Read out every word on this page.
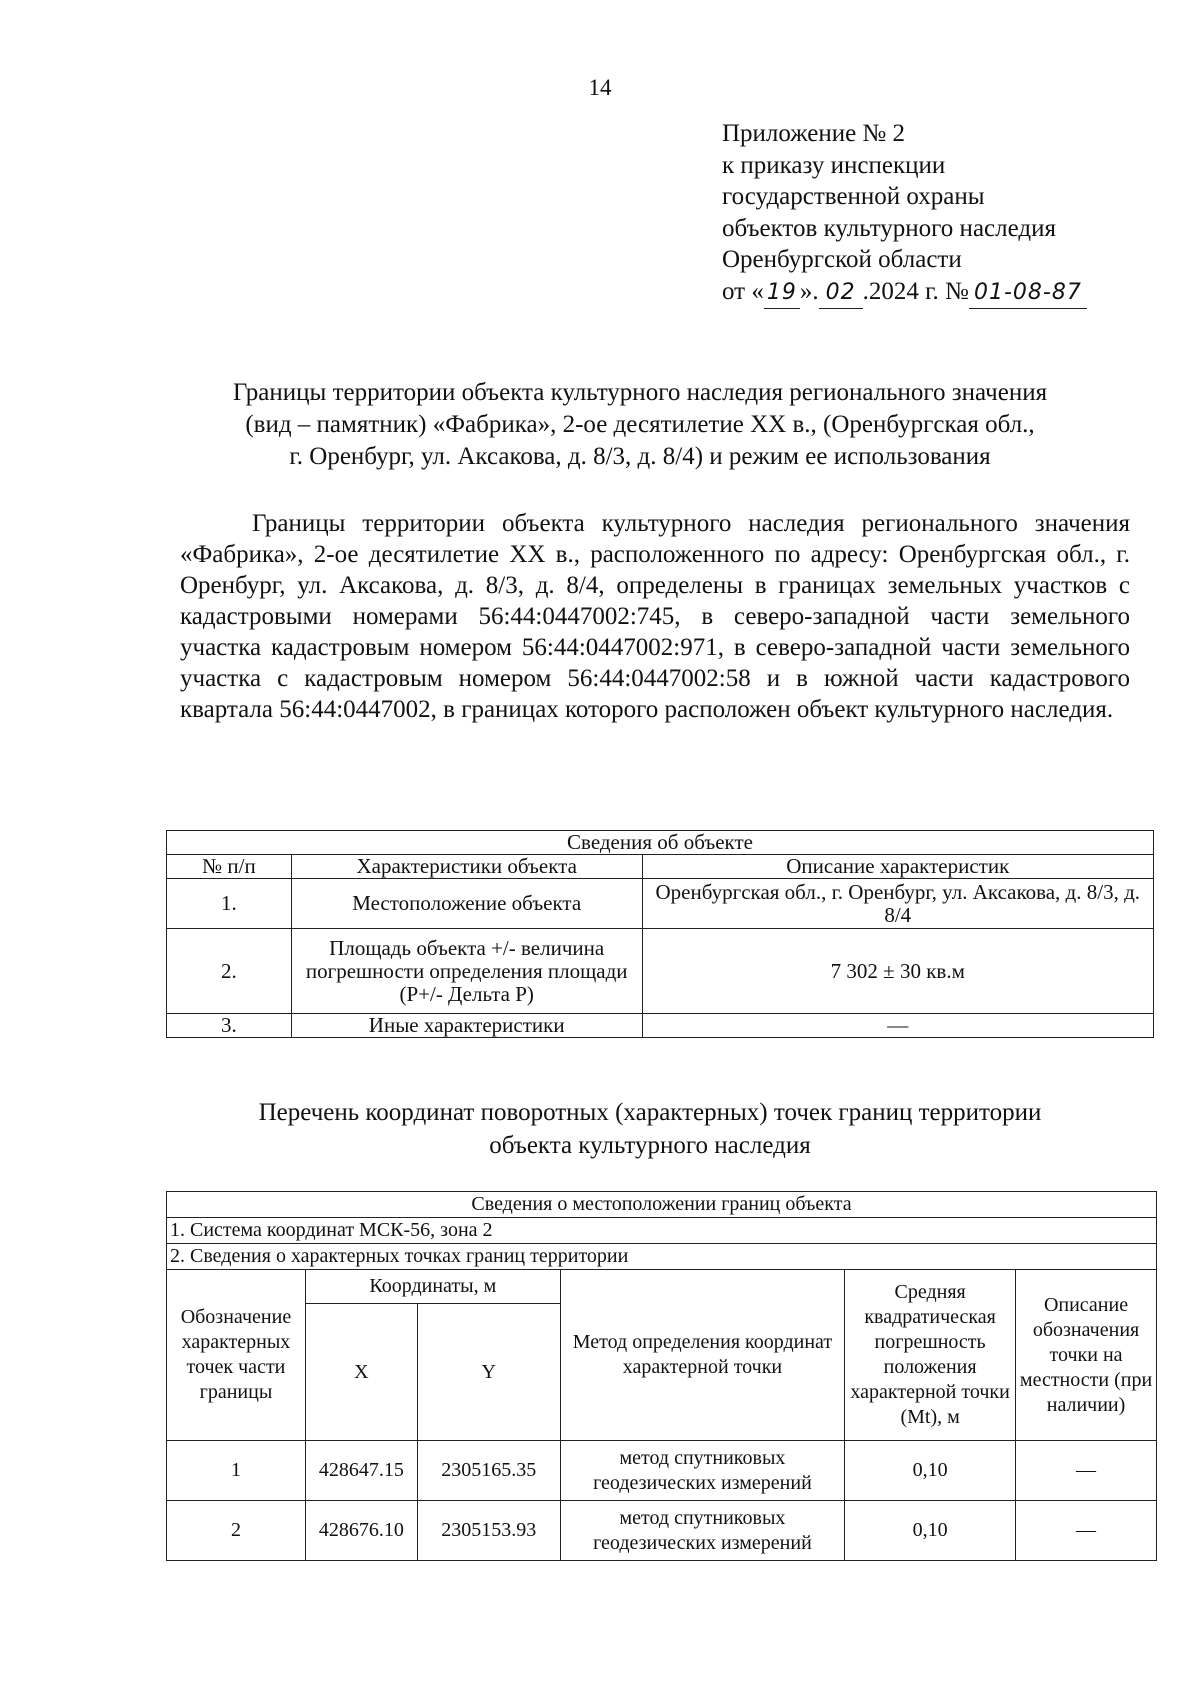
14
Приложение № 2
к приказу инспекции
государственной охраны
объектов культурного наследия
Оренбургской области
от « 19 ». 02 .2024 г. № 01-08-87
Границы территории объекта культурного наследия регионального значения
(вид – памятник) «Фабрика», 2-ое десятилетие XX в., (Оренбургская обл.,
г. Оренбург, ул. Аксакова, д. 8/3, д. 8/4) и режим ее использования

Границы территории объекта культурного наследия регионального значения «Фабрика», 2-ое десятилетие XX в., расположенного по адресу: Оренбургская обл., г. Оренбург, ул. Аксакова, д. 8/3, д. 8/4, определены в границах земельных участков с кадастровыми номерами 56:44:0447002:745, в северо-западной части земельного участка кадастровым номером 56:44:0447002:971, в северо-западной части земельного участка с кадастровым номером 56:44:0447002:58 и в южной части кадастрового квартала 56:44:0447002, в границах которого расположен объект культурного наследия.

Сведения об объекте		
№ п/п	Характеристики объекта	Описание характеристик
1.	Местоположение объекта	Оренбургская обл., г. Оренбург, ул. Аксакова, д. 8/3, д. 8/4
2.	Площадь объекта +/- величина погрешности определения площади (P+/- Дельта P)	7 302 ± 30 кв.м
3.	Иные характеристики	—
Перечень координат поворотных (характерных) точек границ территории
объекта культурного наследия
Сведения о местоположении границ объекта					
1. Система координат МСК-56, зона 2					
2. Сведения о характерных точках границ территории					
Обозначение характерных точек части границы	Координаты, м		Метод определения координат характерной точки	Средняя квадратическая погрешность положения характерной точки (Mt), м	Описание обозначения точки на местности (при наличии)
	X	Y			
1	428647.15	2305165.35	метод спутниковых геодезических измерений	0,10	—
2	428676.10	2305153.93	метод спутниковых геодезических измерений	0,10	—
